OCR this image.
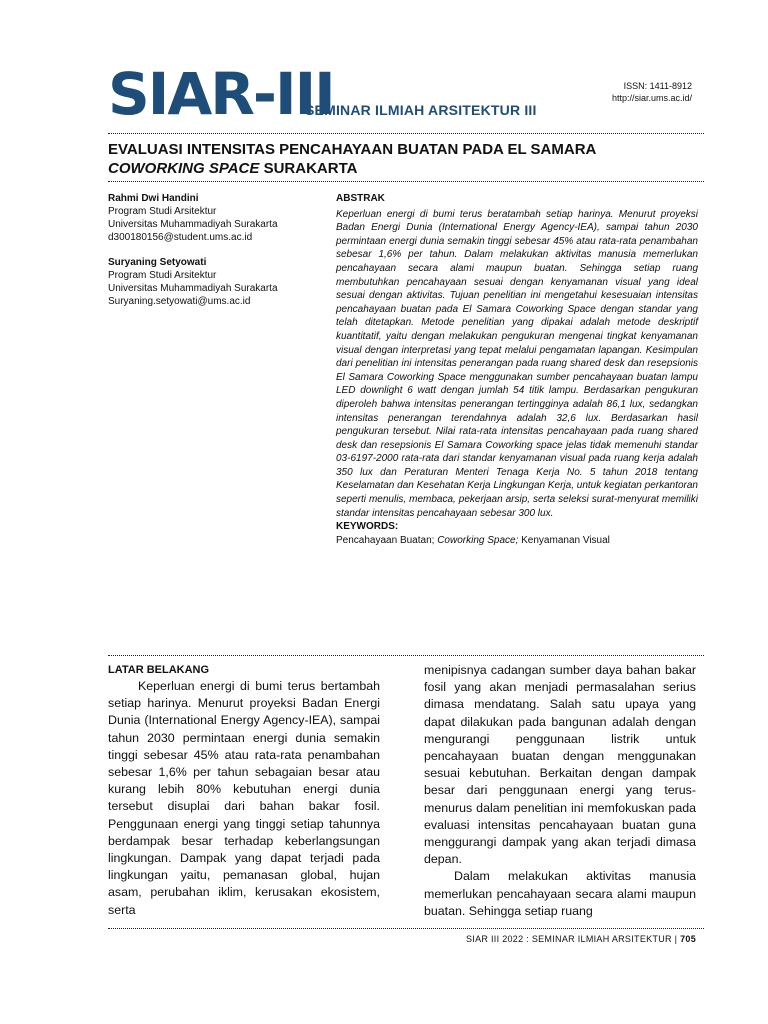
SIAR-III
SEMINAR ILMIAH ARSITEKTUR III
ISSN: 1411-8912
http://siar.ums.ac.id/
EVALUASI INTENSITAS PENCAHAYAAN BUATAN PADA EL SAMARA
COWORKING SPACE SURAKARTA
Rahmi Dwi Handini
Program Studi Arsitektur
Universitas Muhammadiyah Surakarta
d300180156@student.ums.ac.id
Suryaning Setyowati
Program Studi Arsitektur
Universitas Muhammadiyah Surakarta
Suryaning.setyowati@ums.ac.id
ABSTRAK
Keperluan energi di bumi terus beratambah setiap harinya. Menurut proyeksi Badan Energi Dunia (International Energy Agency-IEA), sampai tahun 2030 permintaan energi dunia semakin tinggi sebesar 45% atau rata-rata penambahan sebesar 1,6% per tahun. Dalam melakukan aktivitas manusia memerlukan pencahayaan secara alami maupun buatan. Sehingga setiap ruang membutuhkan pencahayaan sesuai dengan kenyamanan visual yang ideal sesuai dengan aktivitas. Tujuan penelitian ini mengetahui kesesuaian intensitas pencahayaan buatan pada El Samara Coworking Space dengan standar yang telah ditetapkan. Metode penelitian yang dipakai adalah metode deskriptif kuantitatif, yaitu dengan melakukan pengukuran mengenai tingkat kenyamanan visual dengan interpretasi yang tepat melalui pengamatan lapangan. Kesimpulan dari penelitian ini intensitas penerangan pada ruang shared desk dan resepsionis El Samara Coworking Space menggunakan sumber pencahayaan buatan lampu LED downlight 6 watt dengan jumlah 54 titik lampu. Berdasarkan pengukuran diperoleh bahwa intensitas penerangan tertingginya adalah 86,1 lux, sedangkan intensitas penerangan terendahnya adalah 32,6 lux. Berdasarkan hasil pengukuran tersebut. Nilai rata-rata intensitas pencahayaan pada ruang shared desk dan resepsionis El Samara Coworking space jelas tidak memenuhi standar 03-6197-2000 rata-rata dari standar kenyamanan visual pada ruang kerja adalah 350 lux dan Peraturan Menteri Tenaga Kerja No. 5 tahun 2018 tentang Keselamatan dan Kesehatan Kerja Lingkungan Kerja, untuk kegiatan perkantoran seperti menulis, membaca, pekerjaan arsip, serta seleksi surat-menyurat memiliki standar intensitas pencahayaan sebesar 300 lux.
KEYWORDS:
Pencahayaan Buatan; Coworking Space; Kenyamanan Visual
LATAR BELAKANG

Keperluan energi di bumi terus bertambah setiap harinya. Menurut proyeksi Badan Energi Dunia (International Energy Agency-IEA), sampai tahun 2030 permintaan energi dunia semakin tinggi sebesar 45% atau rata-rata penambahan sebesar 1,6% per tahun sebagaian besar atau kurang lebih 80% kebutuhan energi dunia tersebut disuplai dari bahan bakar fosil. Penggunaan energi yang tinggi setiap tahunnya berdampak besar terhadap keberlangsungan lingkungan. Dampak yang dapat terjadi pada lingkungan yaitu, pemanasan global, hujan asam, perubahan iklim, kerusakan ekosistem, serta

menipisnya cadangan sumber daya bahan bakar fosil yang akan menjadi permasalahan serius dimasa mendatang. Salah satu upaya yang dapat dilakukan pada bangunan adalah dengan mengurangi penggunaan listrik untuk pencahayaan buatan dengan menggunakan sesuai kebutuhan. Berkaitan dengan dampak besar dari penggunaan energi yang terus-menurus dalam penelitian ini memfokuskan pada evaluasi intensitas pencahayaan buatan guna menggurangi dampak yang akan terjadi dimasa depan.

Dalam melakukan aktivitas manusia memerlukan pencahayaan secara alami maupun buatan. Sehingga setiap ruang

SIAR III 2022 : SEMINAR ILMIAH ARSITEKTUR | 705
